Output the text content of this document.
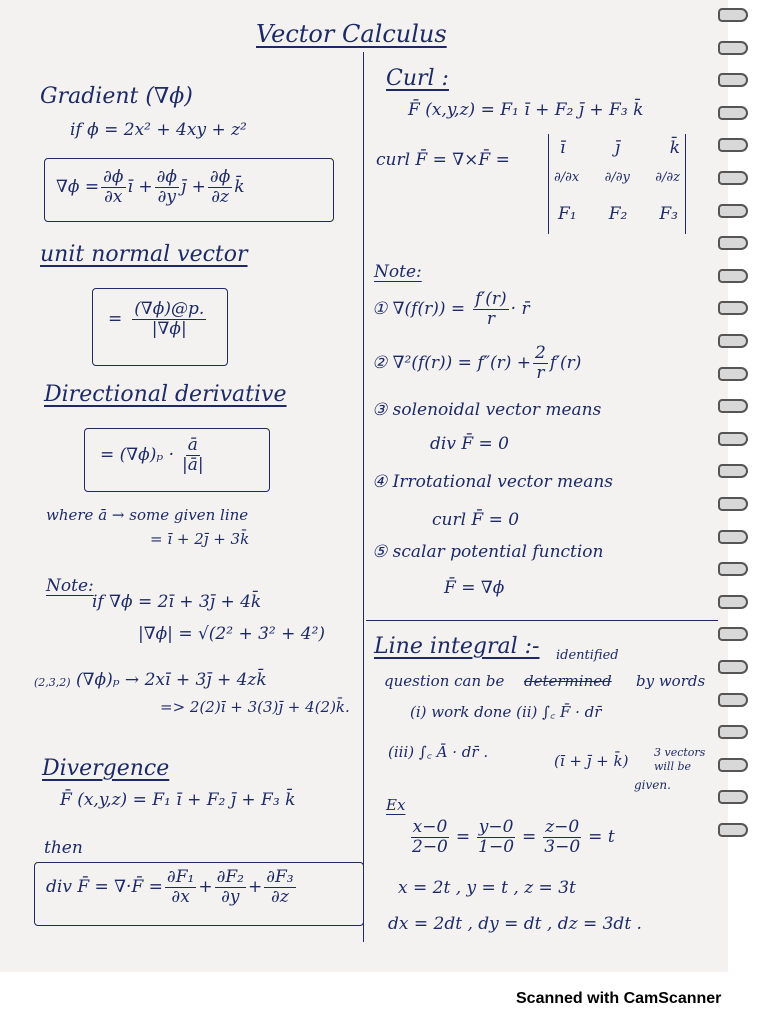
Vector Calculus
Gradient (∇ϕ)
if ϕ = 2x² + 4xy + z²
$\nabla\phi = \frac{\partial\phi}{\partial x}$ ī + $\frac{\partial\phi}{\partial y}$ j̄ + $\frac{\partial\phi}{\partial z}$ k̄
unit normal vector
= $\frac{(\nabla\phi)@p.}{|\nabla\phi|}$
Directional derivative
= $(\nabla\phi)_p \cdot \frac{ā}{|ā|}$
where ā → some given line
= ī + 2j̄ + 3k̄
Note:
if ∇ϕ = 2ī + 3j̄ + 4k̄
|∇ϕ| = √(2² + 3² + 4²)
(2,3,2) (∇ϕ)ₚ → 2xī + 3j̄ + 4zk̄
=> 2(2)ī + 3(3)j̄ + 4(2)k̄.
Divergence
F̄ (x,y,z) = F₁ ī + F₂ j̄ + F₃ k̄
then
div F̄ = ∇·F̄ = $\frac{\text{∂F₁}}{\partial x} + \frac{\text{∂F₂}}{\partial y} + \frac{\text{∂F₃}}{\partial z}$
Curl :
F̄ (x,y,z) = F₁ ī + F₂ j̄ + F₃ k̄
curl F̄ = ∇×F̄ =
ī	j̄	k̄
∂/∂x ∂/∂y ∂/∂z
F₁ F₂ F₃
Note:
① $\nabla(f(r)) = \frac{f'(r)}{r}$ · r̄
② $\nabla^2(f(r)) = f''(r) + \frac{2}{r} f'(r)$
③ solenoidal vector means
div F̄ = 0
④ Irrotational vector means
curl F̄ = 0
⑤ scalar potential function
F̄ = ∇ϕ
Line integral :- identified
question can be determined by words
(i) work done (ii) ∫꜀ F̄ · dr̄
(iii) ∫꜀ Ā · dr̄ .	(ī + j̄ + k̄) 3 vectors
will be
given.
Ex
$\frac{x-0}{2-0} = \frac{y-0}{1-0} = \frac{z-0}{3-0} = t$
x = 2t , y = t , z = 3t
dx = 2dt , dy = dt , dz = 3dt .
Scanned with CamScanner
